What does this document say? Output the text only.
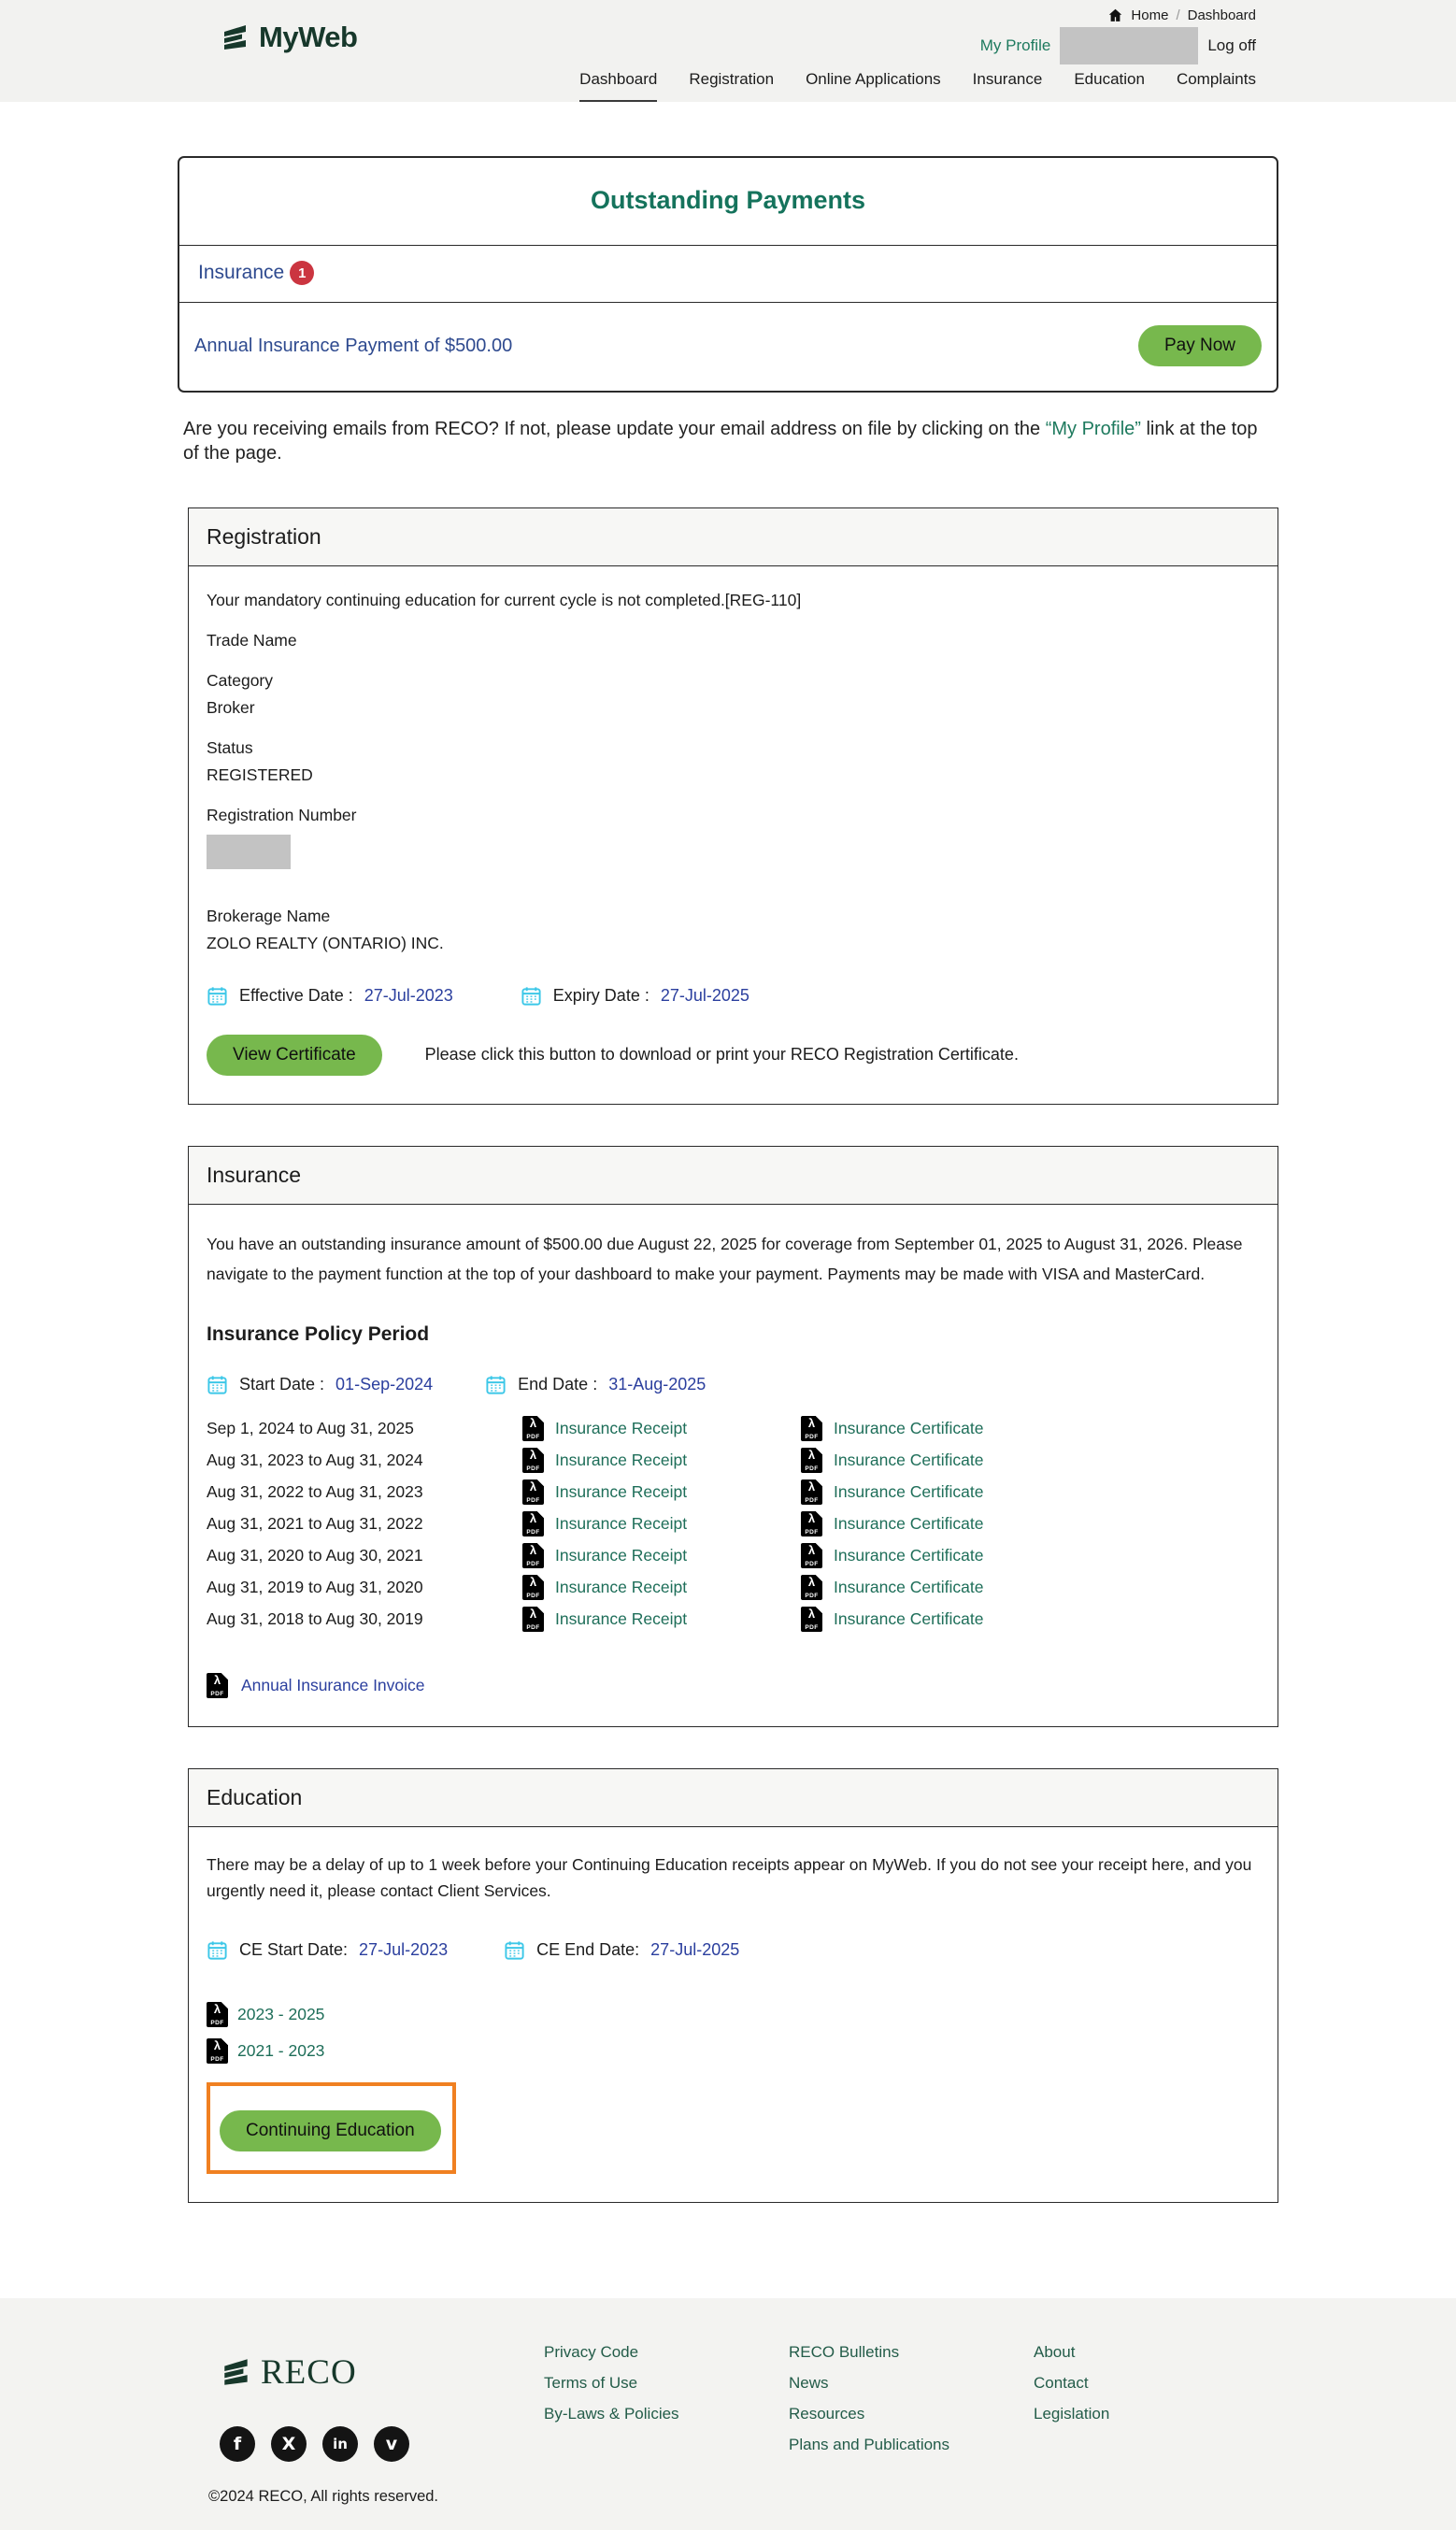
MyWeb
Home / Dashboard
My Profile	Log off
Dashboard Registration Online Applications Insurance Education Complaints
Outstanding Payments
Insurance 1
Annual Insurance Payment of $500.00	Pay Now

Are you receiving emails from RECO? If not, please update your email address on file by clicking on the “My Profile” link at the top of the page.

Registration
Your mandatory continuing education for current cycle is not completed.[REG-110]
Trade Name
Category
Broker
Status
REGISTERED
Registration Number
Brokerage Name
ZOLO REALTY (ONTARIO) INC.
Effective Date : 27-Jul-2023	Expiry Date : 27-Jul-2025
View Certificate	Please click this button to download or print your RECO Registration Certificate.
Insurance

You have an outstanding insurance amount of $500.00 due August 22, 2025 for coverage from September 01, 2025 to August 31, 2026. Please navigate to the payment function at the top of your dashboard to make your payment. Payments may be made with VISA and MasterCard.

Insurance Policy Period
Start Date : 01-Sep-2024	End Date : 31-Aug-2025
Sep 1, 2024 to Aug 31, 2025 λ PDF	Insurance Receipt λ PDF	Insurance Certificate
Aug 31, 2023 to Aug 31, 2024 λ PDF	Insurance Receipt λ PDF	Insurance Certificate
Aug 31, 2022 to Aug 31, 2023 λ PDF	Insurance Receipt λ PDF	Insurance Certificate
Aug 31, 2021 to Aug 31, 2022 λ PDF	Insurance Receipt λ PDF	Insurance Certificate
Aug 31, 2020 to Aug 30, 2021 λ PDF	Insurance Receipt λ PDF	Insurance Certificate
Aug 31, 2019 to Aug 31, 2020 λ PDF	Insurance Receipt λ PDF	Insurance Certificate
Aug 31, 2018 to Aug 30, 2019 λ PDF	Insurance Receipt λ PDF	Insurance Certificate
λ PDF
Annual Insurance Invoice
Education

There may be a delay of up to 1 week before your Continuing Education receipts appear on MyWeb. If you do not see your receipt here, and you urgently need it, please contact Client Services.

CE Start Date: 27-Jul-2023	CE End Date: 27-Jul-2025
λ PDF
2023 - 2025
λ PDF
2021 - 2023
Continuing Education
RECO
f	X	in	v
©2024 RECO, All rights reserved.
Privacy Code
Terms of Use
By-Laws & Policies
RECO Bulletins
News
Resources
Plans and Publications
About
Contact
Legislation
